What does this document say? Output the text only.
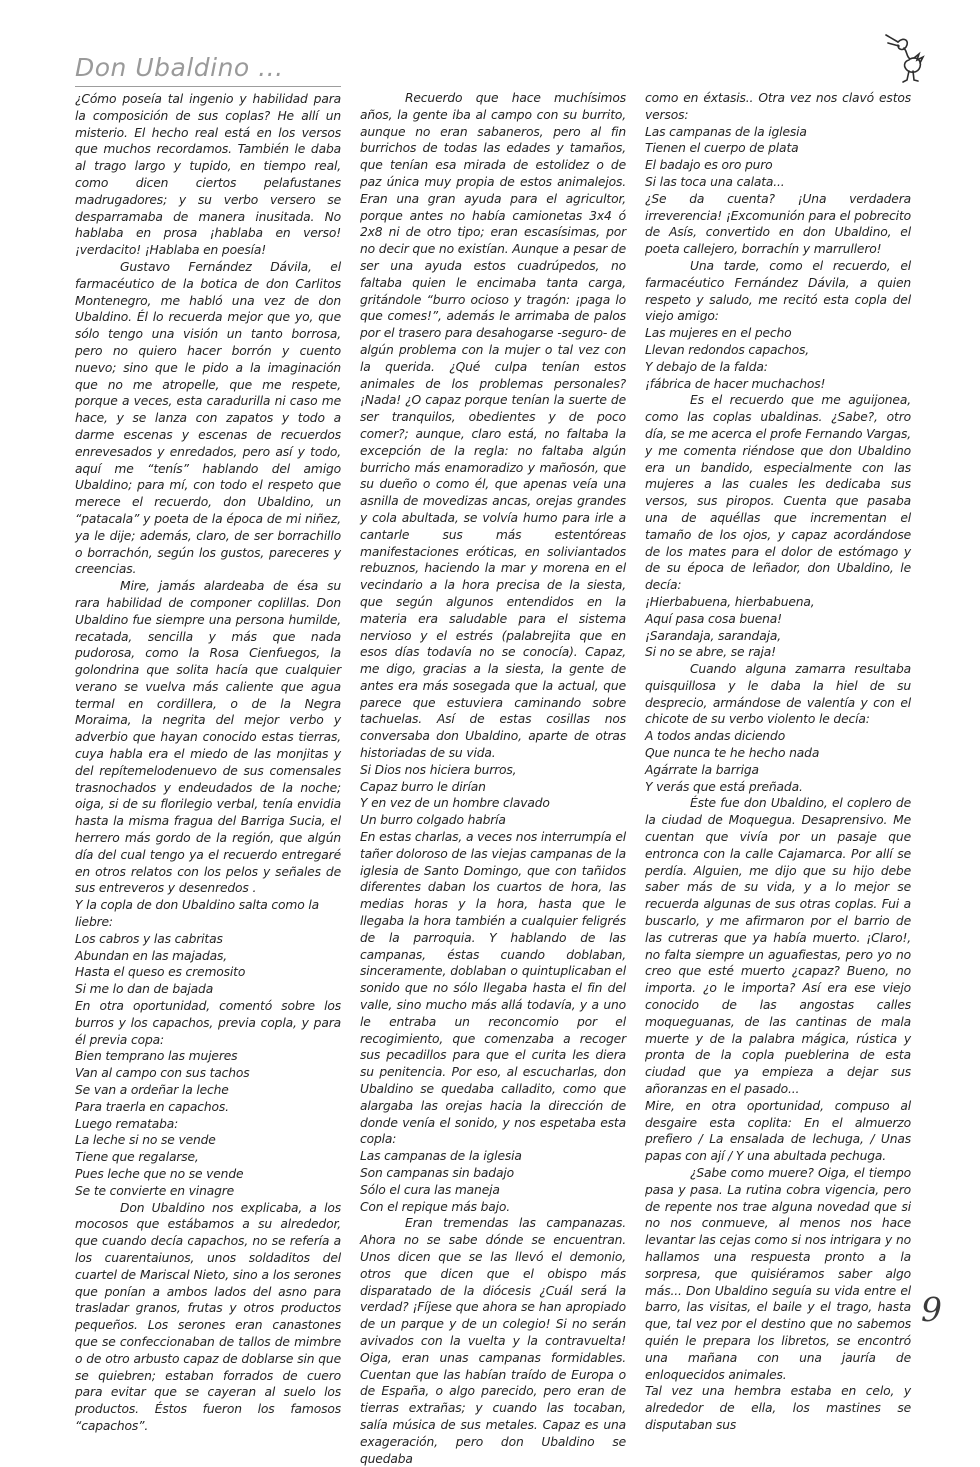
Don Ubaldino ...
¿Cómo poseía tal ingenio y habilidad para la composición de sus coplas? He allí un misterio. El hecho real está en los versos que muchos recordamos. También le daba al trago largo y tupido, en tiempo real, como dicen ciertos pelafustanes madrugadores; y su verbo versero se desparramaba de manera inusitada. No hablaba en prosa ¡hablaba en verso! ¡verdacito! ¡Hablaba en poesía!
Gustavo Fernández Dávila, el farmacéutico de la botica de don Carlitos Montenegro, me habló una vez de don Ubaldino. Él lo recuerda mejor que yo, que sólo tengo una visión un tanto borrosa, pero no quiero hacer borrón y cuento nuevo; sino que le pido a la imaginación que no me atropelle, que me respete, porque a veces, esta caradurilla ni caso me hace, y se lanza con zapatos y todo a darme escenas y escenas de recuerdos enrevesados y enredados, pero así y todo, aquí me “tenís” hablando del amigo Ubaldino; para mí, con todo el respeto que merece el recuerdo, don Ubaldino, un “patacala” y poeta de la época de mi niñez, ya le dije; además, claro, de ser borrachillo o borrachón, según los gustos, pareceres y creencias.
Mire, jamás alardeaba de ésa su rara habilidad de componer coplillas. Don Ubaldino fue siempre una persona humilde, recatada, sencilla y más que nada pudorosa, como la Rosa Cienfuegos, la golondrina que solita hacía que cualquier verano se vuelva más caliente que agua termal en cordillera, o de la Negra Moraima, la negrita del mejor verbo y adverbio que hayan conocido estas tierras, cuya habla era el miedo de las monjitas y del repítemelodenuevo de sus comensales trasnochados y endeudados de la noche; oiga, si de su florilegio verbal, tenía envidia hasta la misma fragua del Barriga Sucia, el herrero más gordo de la región, que algún día del cual tengo ya el recuerdo entregaré en otros relatos con los pelos y señales de sus entreveros y desenredos .
Y la copla de don Ubaldino salta como la liebre:
Los cabros y las cabritas
Abundan en las majadas,
Hasta el queso es cremosito
Si me lo dan de bajada
En otra oportunidad, comentó sobre los burros y los capachos, previa copla, y para él previa copa:
Bien temprano las mujeres
Van al campo con sus tachos
Se van a ordeñar la leche
Para traerla en capachos.
Luego remataba:
La leche si no se vende
Tiene que regalarse,
Pues leche que no se vende
Se te convierte en vinagre
Don Ubaldino nos explicaba, a los mocosos que estábamos a su alrededor, que cuando decía capachos, no se refería a los cuarentaiunos, unos soldaditos del cuartel de Mariscal Nieto, sino a los serones que ponían a ambos lados del asno para trasladar granos, frutas y otros productos pequeños. Los serones eran canastones que se confeccionaban de tallos de mimbre o de otro arbusto capaz de doblarse sin que se quiebren; estaban forrados de cuero para evitar que se cayeran al suelo los productos. Éstos fueron los famosos “capachos”.
Recuerdo que hace muchísimos años, la gente iba al campo con su burrito, aunque no eran sabaneros, pero al fin burrichos de todas las edades y tamaños, que tenían esa mirada de estolidez o de paz única muy propia de estos animalejos. Eran una gran ayuda para el agricultor, porque antes no había camionetas 3x4 ó 2x8 ni de otro tipo; eran escasísimas, por no decir que no existían. Aunque a pesar de ser una ayuda estos cuadrúpedos, no faltaba quien le encimaba tanta carga, gritándole “burro ocioso y tragón: ¡paga lo que comes!”, además le arrimaba de palos por el trasero para desahogarse -seguro- de algún problema con la mujer o tal vez con la querida. ¿Qué culpa tenían estos animales de los problemas personales? ¡Nada! ¿O capaz porque tenían la suerte de ser tranquilos, obedientes y de poco comer?; aunque, claro está, no faltaba la excepción de la regla: no faltaba algún burricho más enamoradizo y mañosón, que su dueño o como él, que apenas veía una asnilla de movedizas ancas, orejas grandes y cola abultada, se volvía humo para irle a cantarle sus más estentóreas manifestaciones eróticas, en soliviantados rebuznos, haciendo la mar y morena en el vecindario a la hora precisa de la siesta, que según algunos entendidos en la materia era saludable para el sistema nervioso y el estrés (palabrejita que en esos días todavía no se conocía). Capaz, me digo, gracias a la siesta, la gente de antes era más sosegada que la actual, que parece que estuviera caminando sobre tachuelas. Así de estas cosillas nos conversaba don Ubaldino, aparte de otras historiadas de su vida.
Si Dios nos hiciera burros,
Capaz burro le dirían
Y en vez de un hombre clavado
Un burro colgado habría
En estas charlas, a veces nos interrumpía el tañer doloroso de las viejas campanas de la iglesia de Santo Domingo, que con tañidos diferentes daban los cuartos de hora, las medias horas y la hora, hasta que le llegaba la hora también a cualquier feligrés de la parroquia. Y hablando de las campanas, éstas cuando doblaban, sinceramente, doblaban o quintuplicaban el sonido que no sólo llegaba hasta el fin del valle, sino mucho más allá todavía, y a uno le entraba un reconcomio por el recogimiento, que comenzaba a recoger sus pecadillos para que el curita les diera su penitencia. Por eso, al escucharlas, don Ubaldino se quedaba calladito, como que alargaba las orejas hacia la dirección de donde venía el sonido, y nos espetaba esta copla:
Las campanas de la iglesia
Son campanas sin badajo
Sólo el cura las maneja
Con el repique más bajo.
Eran tremendas las campanazas. Ahora no se sabe dónde se encuentran. Unos dicen que se las llevó el demonio, otros que dicen que el obispo más disparatado de la diócesis ¿Cuál será la verdad? ¡Fíjese que ahora se han apropiado de un parque y de un colegio! Si no serán avivados con la vuelta y la contravuelta! Oiga, eran unas campanas formidables. Cuentan que las habían traído de Europa o de España, o algo parecido, pero eran de tierras extrañas; y cuando las tocaban, salía música de sus metales. Capaz es una exageración, pero don Ubaldino se quedaba
como en éxtasis.. Otra vez nos clavó estos versos:
Las campanas de la iglesia
Tienen el cuerpo de plata
El badajo es oro puro
Si las toca una calata...
¿Se da cuenta? ¡Una verdadera irreverencia! ¡Excomunión para el pobrecito de Asís, convertido en don Ubaldino, el poeta callejero, borrachín y marrullero!
Una tarde, como el recuerdo, el farmacéutico Fernández Dávila, a quien respeto y saludo, me recitó esta copla del viejo amigo:
Las mujeres en el pecho
Llevan redondos capachos,
Y debajo de la falda:
¡fábrica de hacer muchachos!
Es el recuerdo que me aguijonea, como las coplas ubaldinas. ¿Sabe?, otro día, se me acerca el profe Fernando Vargas, y me comenta riéndose que don Ubaldino era un bandido, especialmente con las mujeres a las cuales les dedicaba sus versos, sus piropos. Cuenta que pasaba una de aquéllas que incrementan el tamaño de los ojos, y capaz acordándose de los mates para el dolor de estómago y de su época de leñador, don Ubaldino, le decía:
¡Hierbabuena, hierbabuena,
Aquí pasa cosa buena!
¡Sarandaja, sarandaja,
Si no se abre, se raja!
Cuando alguna zamarra resultaba quisquillosa y le daba la hiel de su desprecio, armándose de valentía y con el chicote de su verbo violento le decía:
A todos andas diciendo
Que nunca te he hecho nada
Agárrate la barriga
Y verás que está preñada.
Éste fue don Ubaldino, el coplero de la ciudad de Moquegua. Desaprensivo. Me cuentan que vivía por un pasaje que entronca con la calle Cajamarca. Por allí se perdía. Alguien, me dijo que su hijo debe saber más de su vida, y a lo mejor se recuerda algunas de sus otras coplas. Fui a buscarlo, y me afirmaron por el barrio de las cutreras que ya había muerto. ¡Claro!, no falta siempre un aguafiestas, pero yo no creo que esté muerto ¿capaz? Bueno, no importa. ¿o le importa? Así era ese viejo conocido de las angostas calles moqueguanas, de las cantinas de mala muerte y de la palabra mágica, rústica y pronta de la copla pueblerina de esta ciudad que ya empieza a dejar sus añoranzas en el pasado...
Mire, en otra oportunidad, compuso al desgaire esta coplita: En el almuerzo prefiero / La ensalada de lechuga, / Unas papas con ají / Y una abultada pechuga.
¿Sabe como muere? Oiga, el tiempo pasa y pasa. La rutina cobra vigencia, pero de repente nos trae alguna novedad que si no nos conmueve, al menos nos hace levantar las cejas como si nos intrigara y no hallamos una respuesta pronto a la sorpresa, que quisiéramos saber algo más... Don Ubaldino seguía su vida entre el barro, las visitas, el baile y el trago, hasta que, tal vez por el destino que no sabemos quién le prepara los libretos, se encontró una mañana con una jauría de enloquecidos animales.
Tal vez una hembra estaba en celo, y alrededor de ella, los mastines se disputaban sus
9
